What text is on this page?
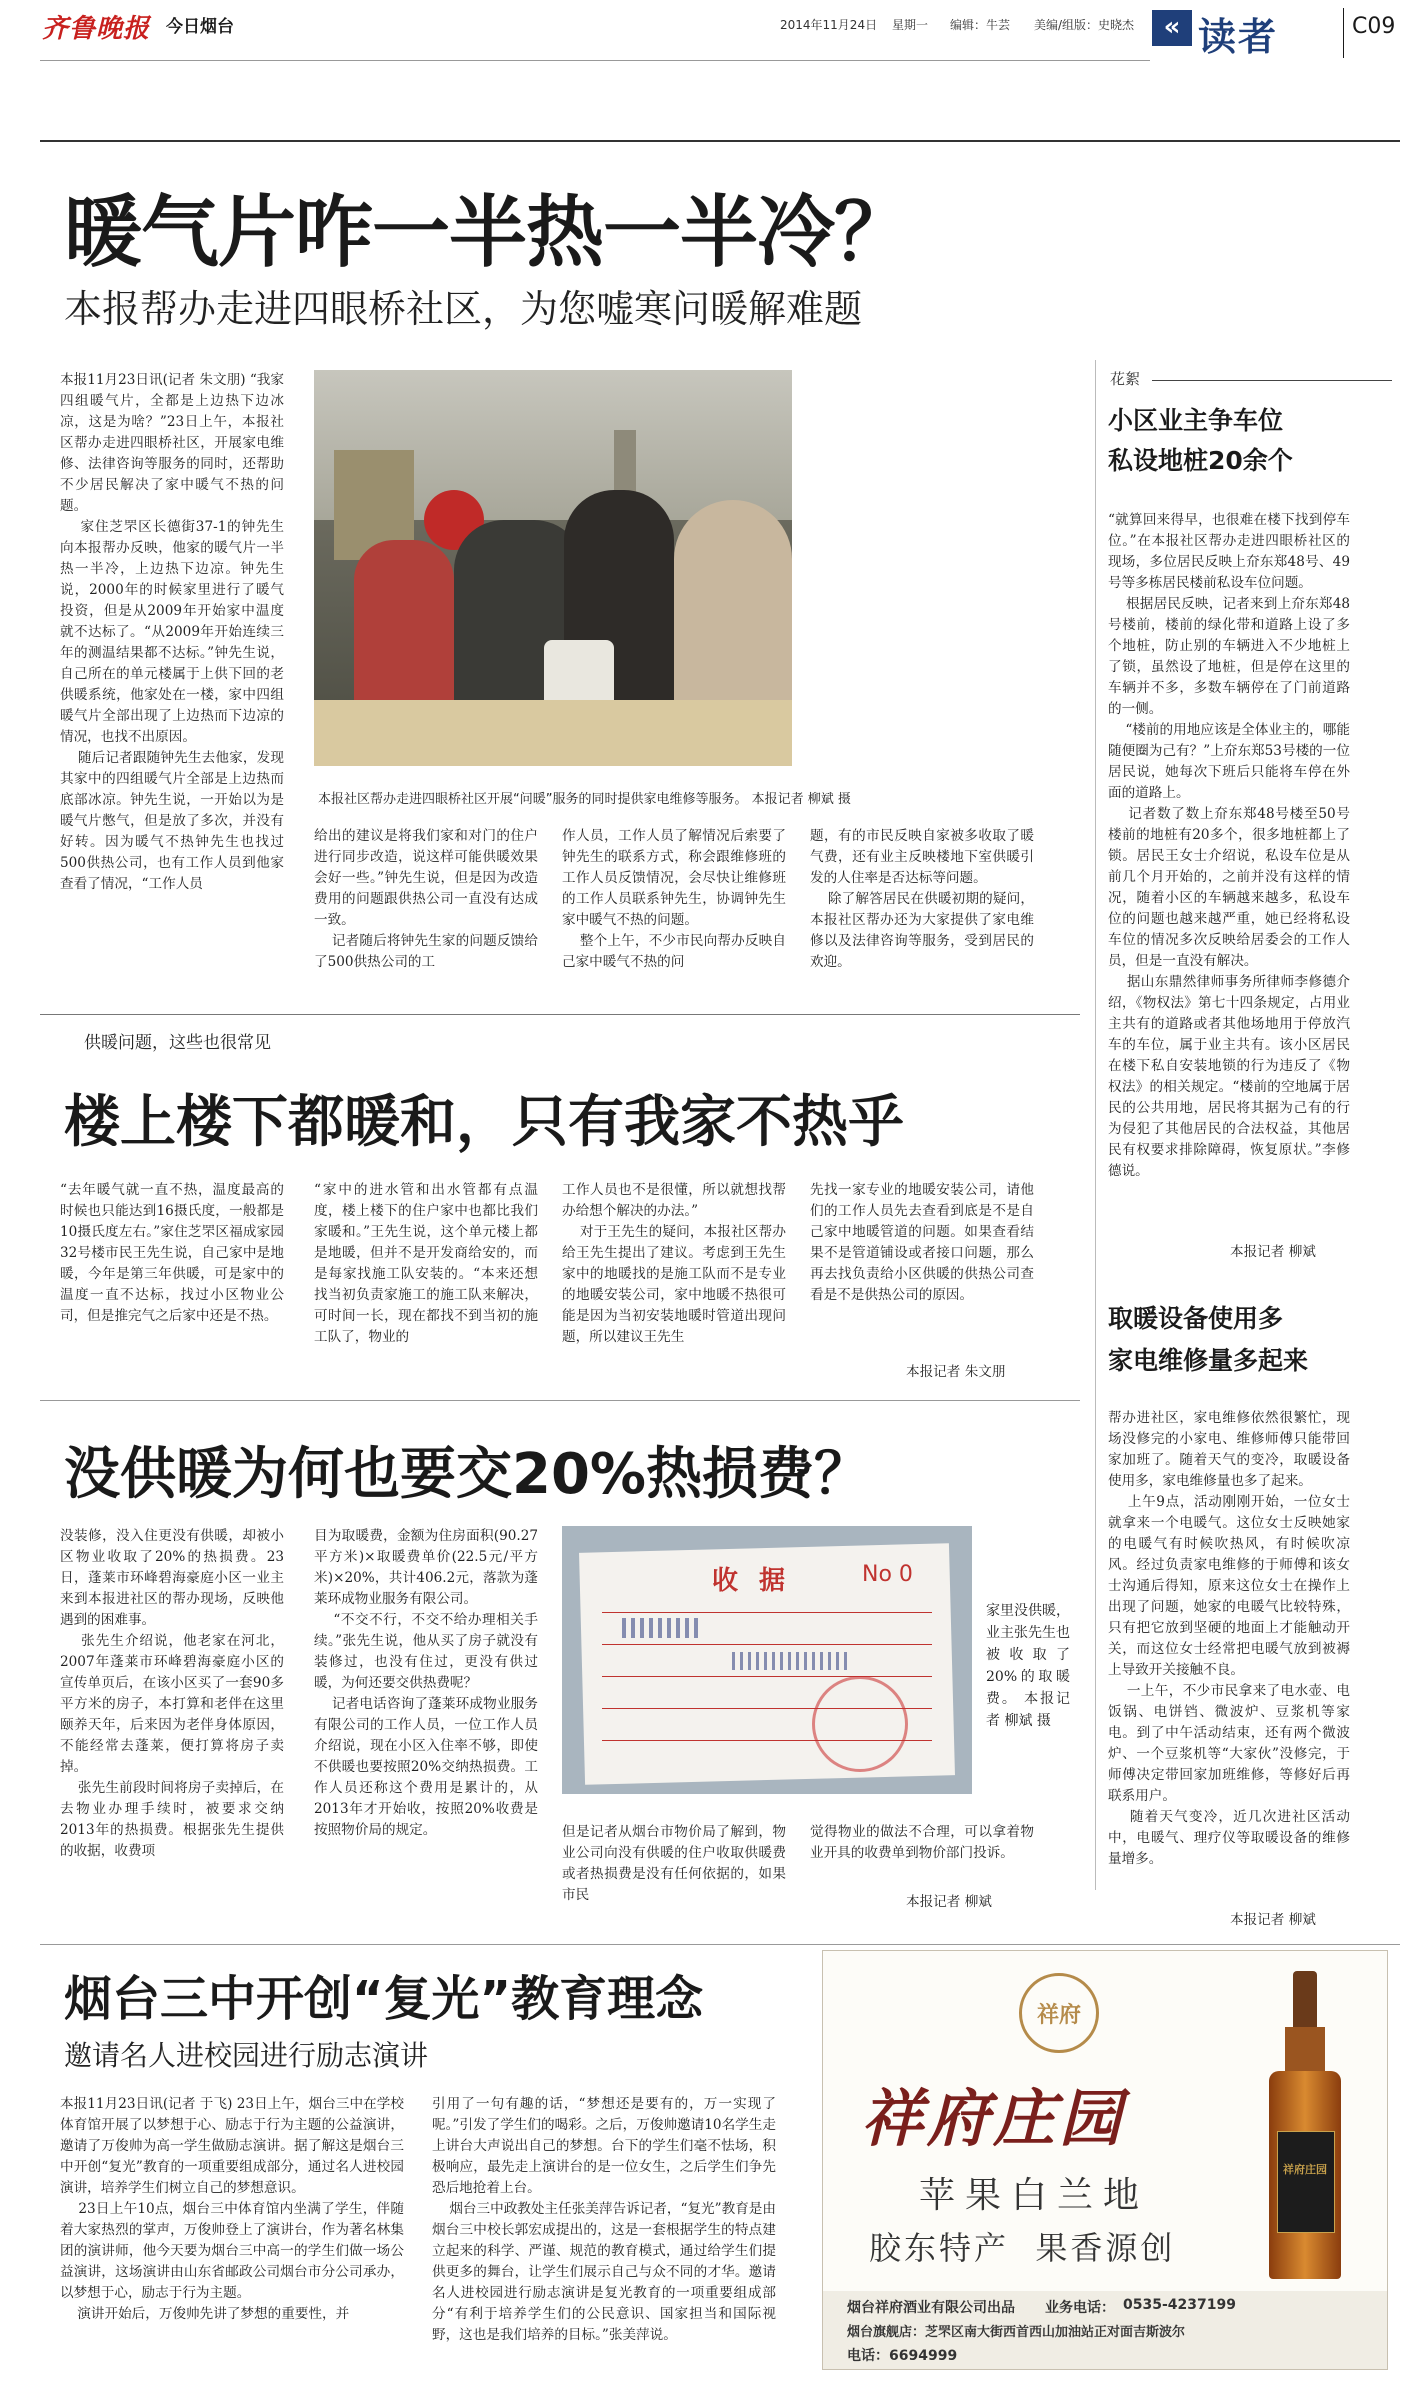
齐鲁晚报 今日烟台	2014年11月24日 星期一 编辑：牛芸 美编/组版：史晓杰	« 读者	C09
暖气片咋一半热一半冷？
本报帮办走进四眼桥社区，为您嘘寒问暖解难题
本报11月23日讯(记者 朱文朋) “我家四组暖气片，全都是上边热下边冰凉，这是为啥？”23日上午，本报社区帮办走进四眼桥社区，开展家电维修、法律咨询等服务的同时，还帮助不少居民解决了家中暖气不热的问题。
家住芝罘区长德街37-1的钟先生向本报帮办反映，他家的暖气片一半热一半冷，上边热下边凉。钟先生说，2000年的时候家里进行了暖气投资，但是从2009年开始家中温度就不达标了。“从2009年开始连续三年的测温结果都不达标。”钟先生说，自己所在的单元楼属于上供下回的老供暖系统，他家处在一楼，家中四组暖气片全部出现了上边热而下边凉的情况，也找不出原因。
随后记者跟随钟先生去他家，发现其家中的四组暖气片全部是上边热而底部冰凉。钟先生说，一开始以为是暖气片憋气，但是放了多次，并没有好转。因为暖气不热钟先生也找过500供热公司，也有工作人员到他家查看了情况，“工作人员
本报社区帮办走进四眼桥社区开展“问暖”服务的同时提供家电维修等服务。 本报记者 柳斌 摄
给出的建议是将我们家和对门的住户进行同步改造，说这样可能供暖效果会好一些。”钟先生说，但是因为改造费用的问题跟供热公司一直没有达成一致。
记者随后将钟先生家的问题反馈给了500供热公司的工
作人员，工作人员了解情况后索要了钟先生的联系方式，称会跟维修班的工作人员反馈情况，会尽快让维修班的工作人员联系钟先生，协调钟先生家中暖气不热的问题。
整个上午，不少市民向帮办反映自己家中暖气不热的问
题，有的市民反映自家被多收取了暖气费，还有业主反映楼地下室供暖引发的人住率是否达标等问题。
除了解答居民在供暖初期的疑问，本报社区帮办还为大家提供了家电维修以及法律咨询等服务，受到居民的欢迎。
花絮
小区业主争车位
私设地桩20余个
“就算回来得早，也很难在楼下找到停车位。”在本报社区帮办走进四眼桥社区的现场，多位居民反映上夼东郑48号、49号等多栋居民楼前私设车位问题。
根据居民反映，记者来到上夼东郑48号楼前，楼前的绿化带和道路上设了多个地桩，防止别的车辆进入不少地桩上了锁，虽然设了地桩，但是停在这里的车辆并不多，多数车辆停在了门前道路的一侧。
“楼前的用地应该是全体业主的，哪能随便圈为己有？”上夼东郑53号楼的一位居民说，她每次下班后只能将车停在外面的道路上。
记者数了数上夼东郑48号楼至50号楼前的地桩有20多个，很多地桩都上了锁。居民王女士介绍说，私设车位是从前几个月开始的，之前并没有这样的情况，随着小区的车辆越来越多，私设车位的问题也越来越严重，她已经将私设车位的情况多次反映给居委会的工作人员，但是一直没有解决。
据山东鼎然律师事务所律师李修德介绍，《物权法》第七十四条规定，占用业主共有的道路或者其他场地用于停放汽车的车位，属于业主共有。该小区居民在楼下私自安装地锁的行为违反了《物权法》的相关规定。“楼前的空地属于居民的公共用地，居民将其据为己有的行为侵犯了其他居民的合法权益，其他居民有权要求排除障碍，恢复原状。”李修德说。
本报记者 柳斌
取暖设备使用多
家电维修量多起来
帮办进社区，家电维修依然很繁忙，现场没修完的小家电、维修师傅只能带回家加班了。随着天气的变冷，取暖设备使用多，家电维修量也多了起来。
上午9点，活动刚刚开始，一位女士就拿来一个电暖气。这位女士反映她家的电暖气有时候吹热风，有时候吹凉风。经过负责家电维修的于师傅和该女士沟通后得知，原来这位女士在操作上出现了问题，她家的电暖气比较特殊，只有把它放到坚硬的地面上才能触动开关，而这位女士经常把电暖气放到被褥上导致开关接触不良。
一上午，不少市民拿来了电水壶、电饭锅、电饼铛、微波炉、豆浆机等家电。到了中午活动结束，还有两个微波炉、一个豆浆机等“大家伙”没修完，于师傅决定带回家加班维修，等修好后再联系用户。
随着天气变冷，近几次进社区活动中，电暖气、理疗仪等取暖设备的维修量增多。
本报记者 柳斌
供暖问题，这些也很常见
楼上楼下都暖和，只有我家不热乎
“去年暖气就一直不热，温度最高的时候也只能达到16摄氏度，一般都是10摄氏度左右。”家住芝罘区福成家园32号楼市民王先生说，自己家中是地暖，今年是第三年供暖，可是家中的温度一直不达标，找过小区物业公司，但是推完气之后家中还是不热。
“家中的进水管和出水管都有点温度，楼上楼下的住户家中也都比我们家暖和。”王先生说，这个单元楼上都是地暖，但并不是开发商给安的，而是每家找施工队安装的。“本来还想找当初负责家施工的施工队来解决，可时间一长，现在都找不到当初的施工队了，物业的
工作人员也不是很懂，所以就想找帮办给想个解决的办法。”
对于王先生的疑问，本报社区帮办给王先生提出了建议。考虑到王先生家中的地暖找的是施工队而不是专业的地暖安装公司，家中地暖不热很可能是因为当初安装地暖时管道出现问题，所以建议王先生
先找一家专业的地暖安装公司，请他们的工作人员先去查看到底是不是自己家中地暖管道的问题。如果查看结果不是管道铺设或者接口问题，那么再去找负责给小区供暖的供热公司查看是不是供热公司的原因。
本报记者 朱文朋
没供暖为何也要交20%热损费？
没装修，没入住更没有供暖，却被小区物业收取了20%的热损费。23日，蓬莱市环峰碧海豪庭小区一业主来到本报进社区的帮办现场，反映他遇到的困难事。
张先生介绍说，他老家在河北，2007年蓬莱市环峰碧海豪庭小区的宣传单页后，在该小区买了一套90多平方米的房子，本打算和老伴在这里颐养天年，后来因为老伴身体原因，不能经常去蓬莱，便打算将房子卖掉。
张先生前段时间将房子卖掉后，在去物业办理手续时，被要求交纳2013年的热损费。根据张先生提供的收据，收费项
目为取暖费，金额为住房面积(90.27平方米)×取暖费单价(22.5元/平方米)×20%，共计406.2元，落款为蓬莱环成物业服务有限公司。
“不交不行，不交不给办理相关手续。”张先生说，他从买了房子就没有装修过，也没有住过，更没有供过暖，为何还要交供热费呢？
记者电话咨询了蓬莱环成物业服务有限公司的工作人员，一位工作人员介绍说，现在小区入住率不够，即使不供暖也要按照20%交纳热损费。工作人员还称这个费用是累计的，从2013年才开始收，按照20%收费是按照物价局的规定。
收 据	No 0
家里没供暖，业主张先生也被收取了20%的取暖费。 本报记者 柳斌 摄
但是记者从烟台市物价局了解到，物业公司向没有供暖的住户收取供暖费或者热损费是没有任何依据的，如果市民
觉得物业的做法不合理，可以拿着物业开具的收费单到物价部门投诉。
本报记者 柳斌
烟台三中开创“复光”教育理念
邀请名人进校园进行励志演讲
本报11月23日讯(记者 于飞) 23日上午，烟台三中在学校体育馆开展了以梦想于心、励志于行为主题的公益演讲，邀请了万俊帅为高一学生做励志演讲。据了解这是烟台三中开创“复光”教育的一项重要组成部分，通过名人进校园演讲，培养学生们树立自己的梦想意识。
23日上午10点，烟台三中体育馆内坐满了学生，伴随着大家热烈的掌声，万俊帅登上了演讲台，作为著名林集团的演讲师，他今天要为烟台三中高一的学生们做一场公益演讲，这场演讲由山东省邮政公司烟台市分公司承办，以梦想于心，励志于行为主题。
演讲开始后，万俊帅先讲了梦想的重要性，并
引用了一句有趣的话，“梦想还是要有的，万一实现了呢。”引发了学生们的喝彩。之后，万俊帅邀请10名学生走上讲台大声说出自己的梦想。台下的学生们毫不怯场，积极响应，最先走上演讲台的是一位女生，之后学生们争先恐后地抢着上台。
烟台三中政教处主任张美萍告诉记者，“复光”教育是由烟台三中校长郭宏成提出的，这是一套根据学生的特点建立起来的科学、严谨、规范的教育模式，通过给学生们提供更多的舞台，让学生们展示自己与众不同的才华。邀请名人进校园进行励志演讲是复光教育的一项重要组成部分“有利于培养学生们的公民意识、国家担当和国际视野，这也是我们培养的目标。”张美萍说。
祥府
祥府庄园
苹果白兰地
胶东特产  果香源创
烟台祥府酒业有限公司出品 业务电话： 0535-4237199
烟台旗舰店：芝罘区南大街西首西山加油站正对面吉斯波尔
电话：6694999
祥府庄园
